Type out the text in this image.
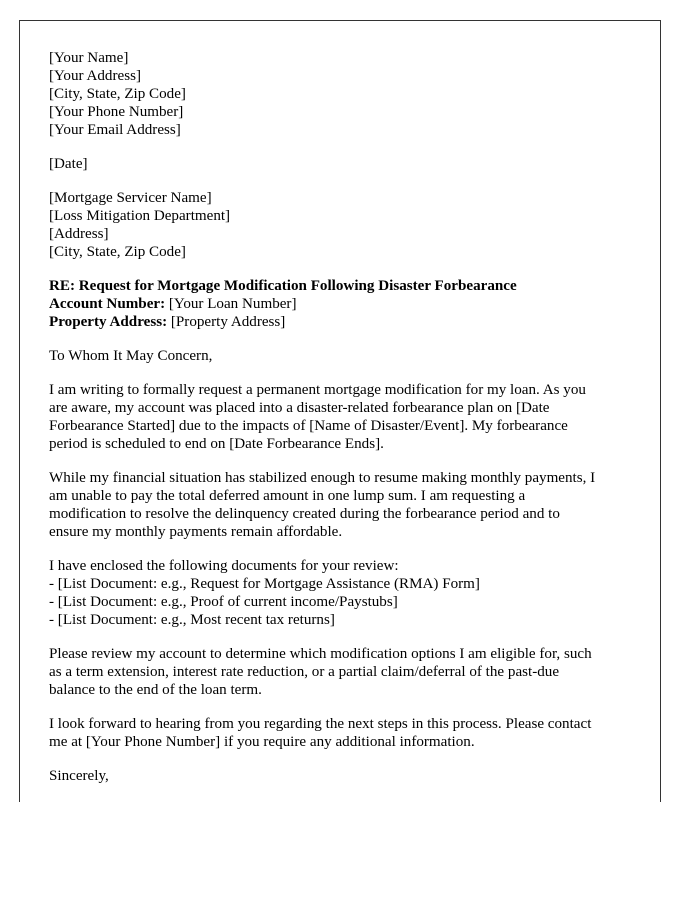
[Your Name]
[Your Address]
[City, State, Zip Code]
[Your Phone Number]
[Your Email Address]
[Date]
[Mortgage Servicer Name]
[Loss Mitigation Department]
[Address]
[City, State, Zip Code]
RE: Request for Mortgage Modification Following Disaster Forbearance
Account Number: [Your Loan Number]
Property Address: [Property Address]
To Whom It May Concern,
I am writing to formally request a permanent mortgage modification for my loan. As you
are aware, my account was placed into a disaster-related forbearance plan on [Date
Forbearance Started] due to the impacts of [Name of Disaster/Event]. My forbearance
period is scheduled to end on [Date Forbearance Ends].
While my financial situation has stabilized enough to resume making monthly payments, I
am unable to pay the total deferred amount in one lump sum. I am requesting a
modification to resolve the delinquency created during the forbearance period and to
ensure my monthly payments remain affordable.
I have enclosed the following documents for your review:
- [List Document: e.g., Request for Mortgage Assistance (RMA) Form]
- [List Document: e.g., Proof of current income/Paystubs]
- [List Document: e.g., Most recent tax returns]
Please review my account to determine which modification options I am eligible for, such
as a term extension, interest rate reduction, or a partial claim/deferral of the past-due
balance to the end of the loan term.
I look forward to hearing from you regarding the next steps in this process. Please contact
me at [Your Phone Number] if you require any additional information.
Sincerely,
